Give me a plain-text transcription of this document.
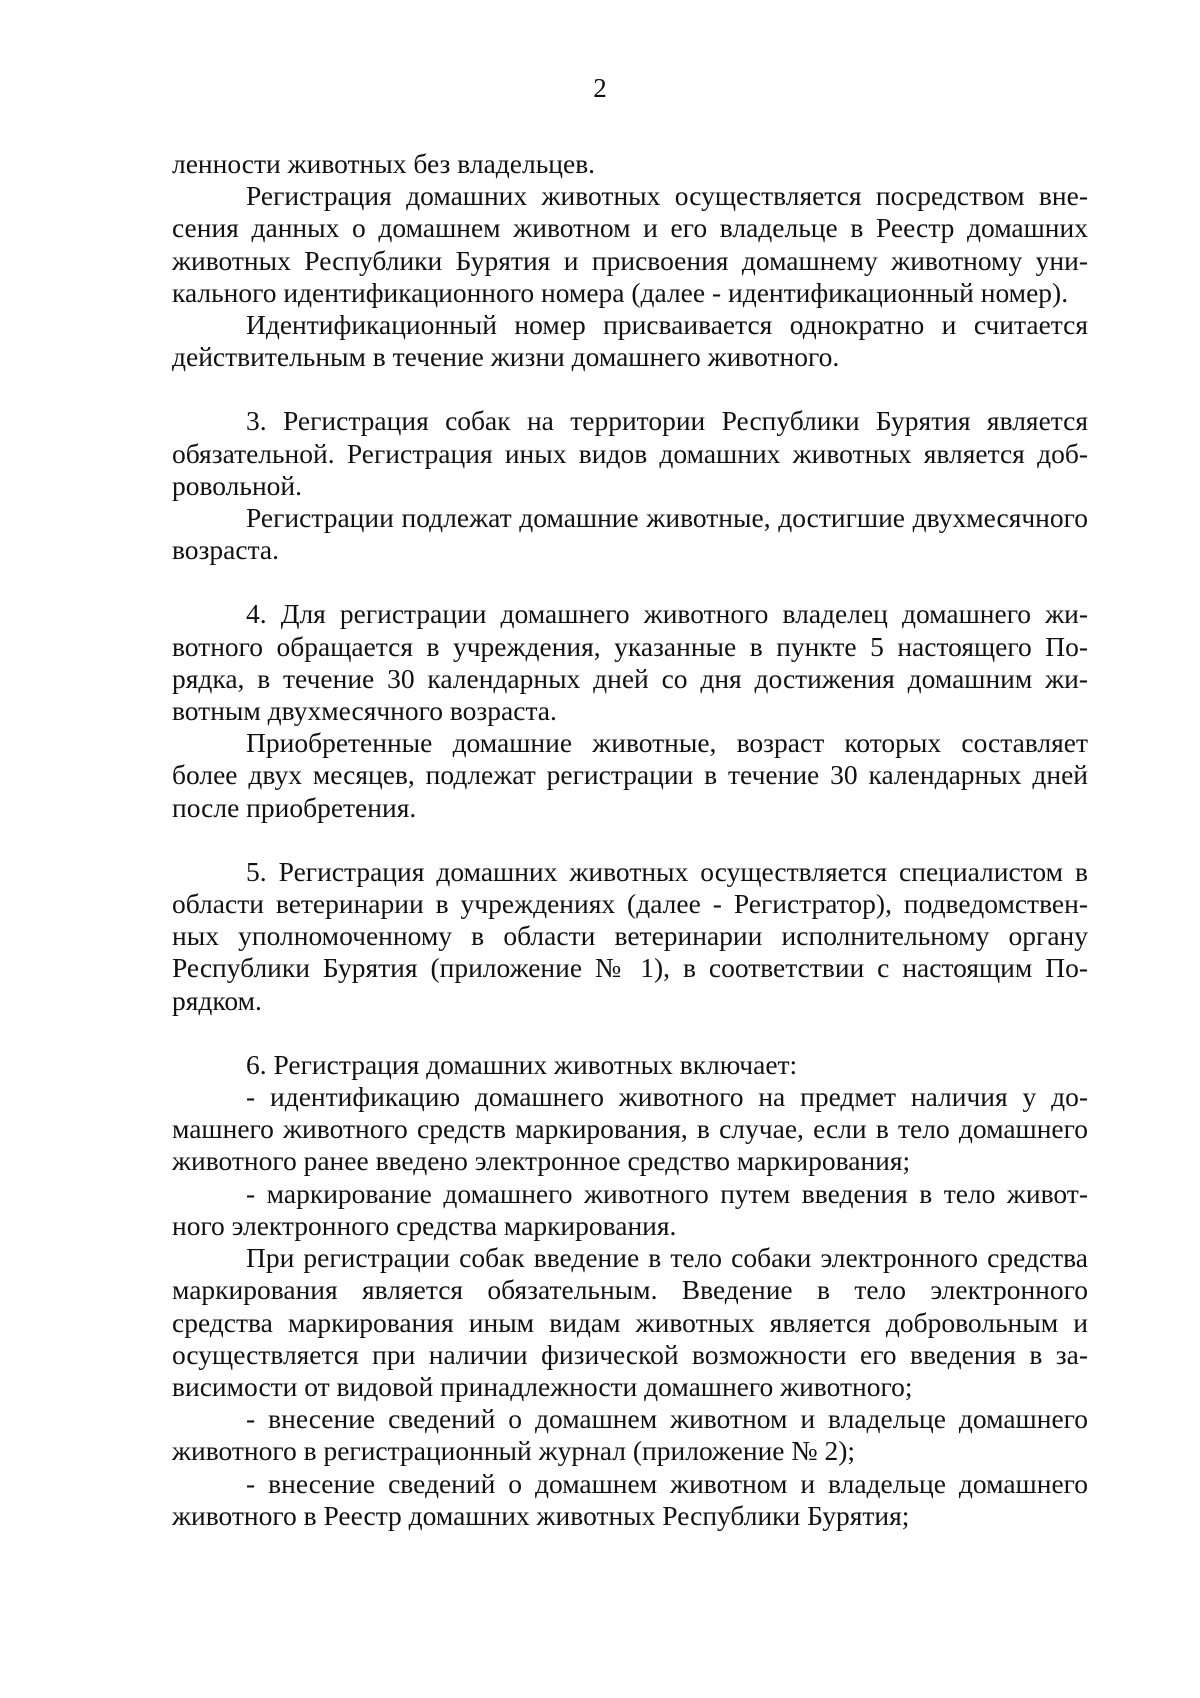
2

ленности животных без владельцев.

Регистрация домашних животных осуществляется посредством внесения данных о домашнем животном и его владельце в Реестр домашних животных Республики Бурятия и присвоения домашнему животному уникального идентификационного номера (далее - идентификационный номер).

Идентификационный номер присваивается однократно и считается действительным в течение жизни домашнего животного.

3. Регистрация собак на территории Республики Бурятия является обязательной. Регистрация иных видов домашних животных является добровольной.

Регистрации подлежат домашние животные, достигшие двухмесячного возраста.

4. Для регистрации домашнего животного владелец домашнего животного обращается в учреждения, указанные в пункте 5 настоящего Порядка, в течение 30 календарных дней со дня достижения домашним животным двухмесячного возраста.

Приобретенные домашние животные, возраст которых составляет более двух месяцев, подлежат регистрации в течение 30 календарных дней после приобретения.

5. Регистрация домашних животных осуществляется специалистом в области ветеринарии в учреждениях (далее - Регистратор), подведомственных уполномоченному в области ветеринарии исполнительному органу Республики Бурятия (приложение № 1), в соответствии с настоящим Порядком.

6. Регистрация домашних животных включает:

- идентификацию домашнего животного на предмет наличия у домашнего животного средств маркирования, в случае, если в тело домашнего животного ранее введено электронное средство маркирования;

- маркирование домашнего животного путем введения в тело животного электронного средства маркирования.

При регистрации собак введение в тело собаки электронного средства маркирования является обязательным. Введение в тело электронного средства маркирования иным видам животных является добровольным и осуществляется при наличии физической возможности его введения в зависимости от видовой принадлежности домашнего животного;

- внесение сведений о домашнем животном и владельце домашнего животного в регистрационный журнал (приложение № 2);

- внесение сведений о домашнем животном и владельце домашнего животного в Реестр домашних животных Республики Бурятия;
